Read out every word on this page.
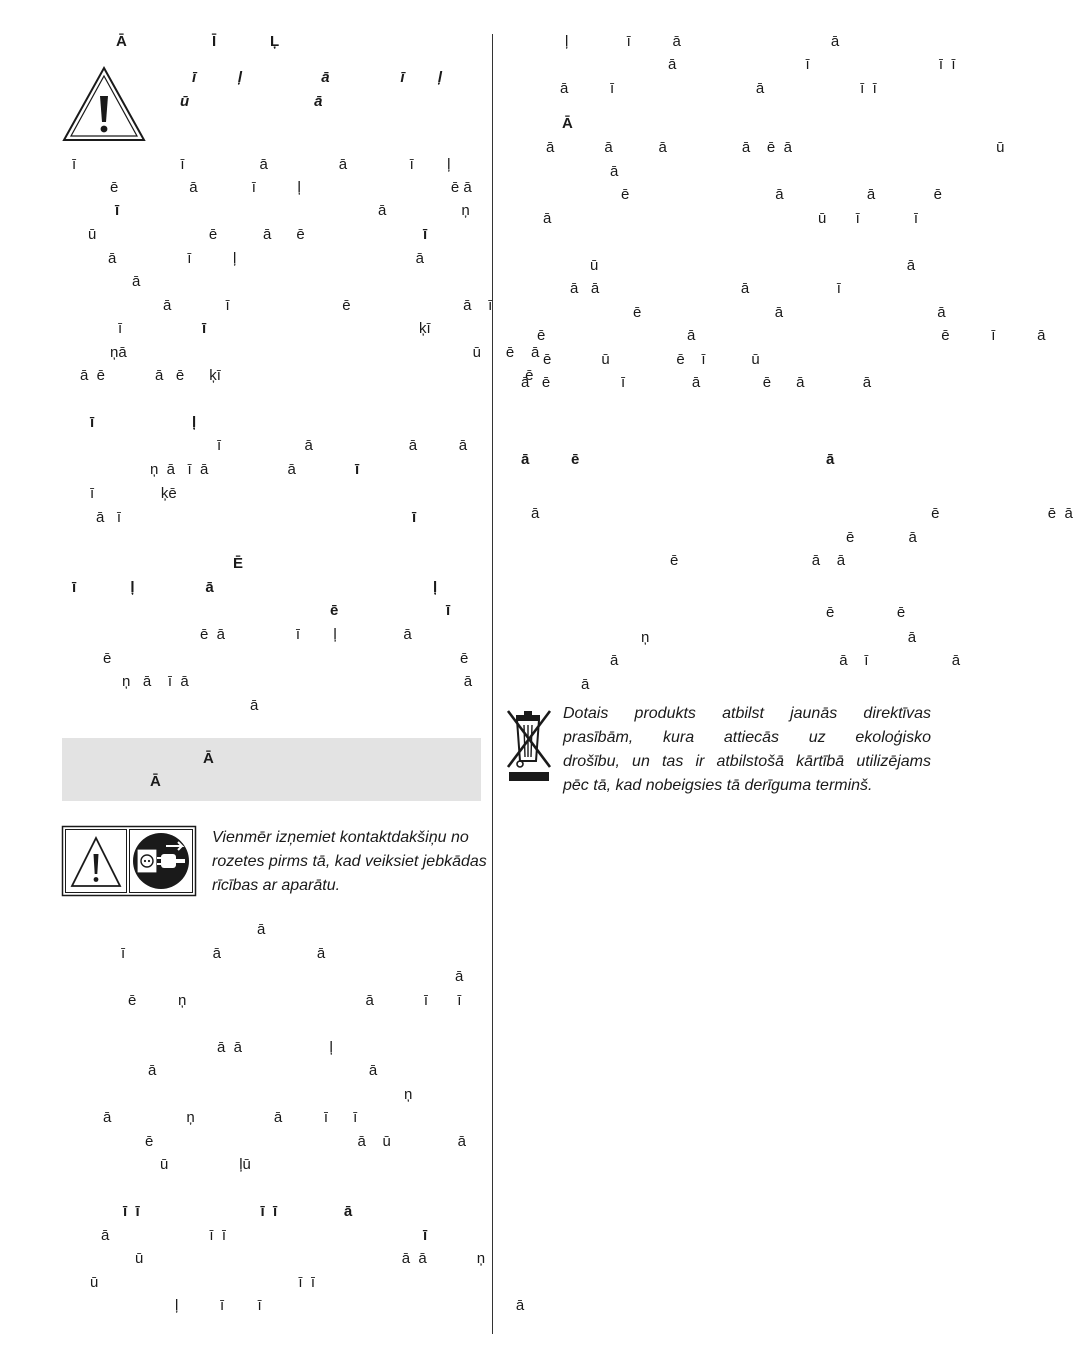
Ā	Ī	Ļ
ī          ļ                   ā                 ī        ļ
ū                              ā
ī                         ī                  ā                 ā               ī        ļ
ē                 ā             ī          ļ                                    ē ā
ī	ā                  ņ
ū                           ē           ā      ē	ī
ā                 ī          ļ                                           ā
ā
ā             ī                           ē                           ā    ī
ī	ī	ķī
ņā                                                                                   ū      ē    ā
ā  ē            ā   ē      ķī                                                                         ē
ī	ļ
ī                    ā                       ā          ā
ņ  ā   ī  ā                   ā	ī
ī                ķē
ā   ī	ī
Ē
ī             ļ                 ā	ļ
ē	ī
ē  ā                 ī        ļ                ā
ē	ē
ņ   ā    ī  ā                                                                  ā
ā
Ā
Ā
Vienmēr izņemiet kontaktdakšiņu no rozetes pirms tā, kad veiksiet jebkādas rīcības ar aparātu.
ā
ī                     ā                       ā
ā
ē          ņ                                           ā            ī       ī
ā  ā                     ļ
ā                                                   ā
ņ
ā                  ņ                   ā          ī      ī
ē                                                 ā    ū                ā
ū                 ļū
ī  ī                             ī  ī                ā
ā                        ī  ī	ī
ū                                                              ā  ā            ņ
ū                                                ī  ī
ļ          ī        ī                                                             ā
ļ              ī          ā                                    ā
ā                               ī                               ī  ī
ā          ī                                  ā                       ī  ī
Ā
ā            ā           ā                  ā    ē  ā                                                 ū
ā
ē                                   ā                    ā              ē
ā                                                                ū       ī             ī
ū                                                                          ā
ā   ā                                  ā                     ī
ē                                ā                                     ā
ē                                  ā                                                           ē          ī          ā
ē            ū                ē    ī           ū
ā   ē                 ī                ā               ē      ā              ā
ā          ē	ā
ā                                                                                              ē                          ē  ā
ē             ā
ē                                ā    ā
ē               ē
ņ                                                              ā
ā                                                     ā    ī                    ā
ā
Dotais produkts atbilst jaunās direktīvas
prasībām, kura attiecās uz ekoloģisko
drošību, un tas ir atbilstošā kārtībā utilizējams
pēc tā, kad nobeigsies tā derīguma terminš.
